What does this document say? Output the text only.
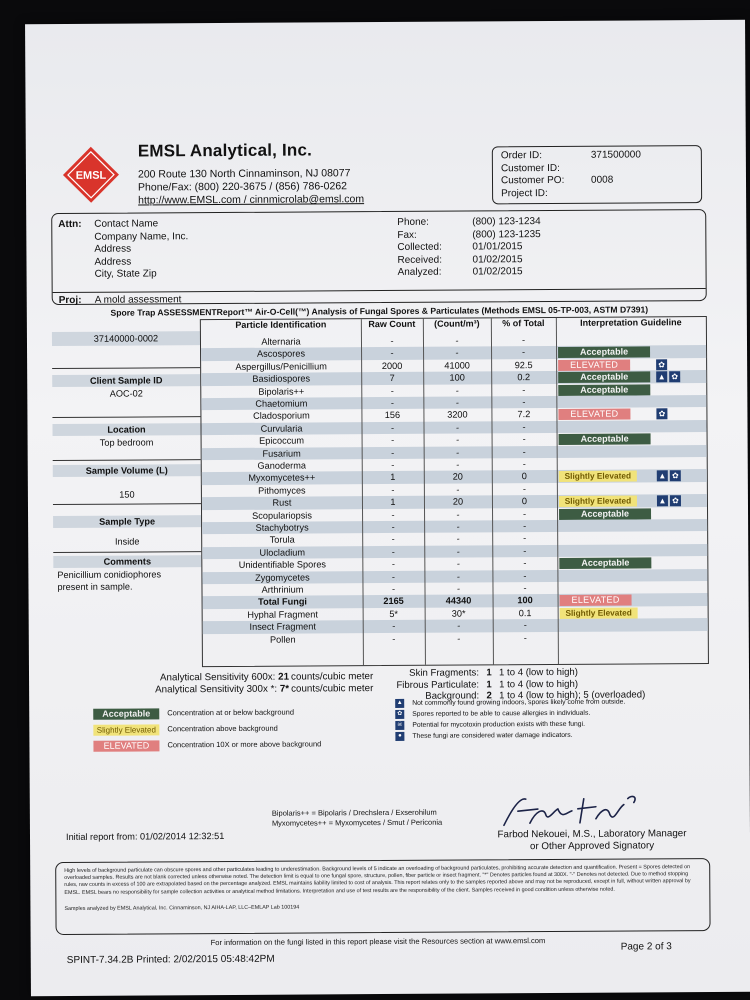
EMSL
EMSL Analytical, Inc.
200 Route 130 North Cinnaminson, NJ 08077
Phone/Fax: (800) 220-3675 / (856) 786-0262
http://www.EMSL.com / cinnmicrolab@emsl.com
Order ID:	371500000
Customer ID:
Customer PO:	0008
Project ID:
Attn: Contact Name
Company Name, Inc.
Address
Address
City, State Zip
Phone:	(800) 123-1234
Fax:	(800) 123-1235
Collected:	01/01/2015
Received:	01/02/2015
Analyzed:	01/02/2015
Proj: A mold assessment
Spore Trap ASSESSMENTReport™ Air-O-Cell(™) Analysis of Fungal Spores & Particulates (Methods EMSL 05-TP-003, ASTM D7391)
37140000-0002
Client Sample ID
AOC-02
Location
Top bedroom
Sample Volume (L)
150
Sample Type
Inside
Comments
Penicillium conidiophores
present in sample.
Particle Identification	Raw Count	(Count/m³)	% of Total	Interpretation Guideline
Alternaria	-	-	-
Ascospores	-	-	-	Acceptable
Aspergillus/Penicillium	2000	41000	92.5	ELEVATED	✿
Basidiospores	7	100	0.2	Acceptable	▲ ✿
Bipolaris++	-	-	-	Acceptable
Chaetomium	-	-	-
Cladosporium	156	3200	7.2	ELEVATED	✿
Curvularia	-	-	-
Epicoccum	-	-	-	Acceptable
Fusarium	-	-	-
Ganoderma	-	-	-
Myxomycetes++	1	20	0	Slightly Elevated	▲ ✿
Pithomyces	-	-	-
Rust	1	20	0	Slightly Elevated	▲ ✿
Scopulariopsis	-	-	-	Acceptable
Stachybotrys	-	-	-
Torula	-	-	-
Ulocladium	-	-	-
Unidentifiable Spores	-	-	-	Acceptable
Zygomycetes	-	-	-
Arthrinium	-	-	-
Total Fungi	2165	44340	100	ELEVATED
Hyphal Fragment	5*	30*	0.1	Slightly Elevated
Insect Fragment	-	-	-
Pollen	-	-	-
Analytical Sensitivity 600x: 21
Analytical Sensitivity 300x *: 7*
counts/cubic meter
counts/cubic meter
Skin Fragments: 1 1 to 4 (low to high)
Fibrous Particulate: 1 1 to 4 (low to high)
Background: 2 1 to 4 (low to high); 5 (overloaded)
Acceptable	Concentration at or below background
Slightly Elevated	Concentration above background
ELEVATED	Concentration 10X or more above background
▲ Not commonly found growing indoors, spores likely come from outside.
✿ Spores reported to be able to cause allergies in individuals.
☠ Potential for mycotoxin production exists with these fungi.
●	These fungi are considered water damage indicators.
Bipolaris++ = Bipolaris / Drechslera / Exserohilum
Myxomycetes++ = Myxomycetes / Smut / Periconia
Initial report from: 01/02/2014 12:32:51	Farbod Nekouei, M.S., Laboratory Manager
or Other Approved Signatory
High levels of background particulate can obscure spores and other particulates leading to underestimation. Background levels of 5 indicate an overloading of background particulates, prohibiting accurate detection and quantification. Present = Spores detected on overloaded samples. Results are not blank corrected unless otherwise noted. The detection limit is equal to one fungal spore, structure, pollen, fiber particle or insect fragment. "*" Denotes particles found at 300X. "-" Denotes not detected. Due to method stopping rules, raw counts in excess of 100 are extrapolated based on the percentage analyzed. EMSL maintains liability limited to cost of analysis. This report relates only to the samples reported above and may not be reproduced, except in full, without written approval by EMSL. EMSL bears no responsibility for sample collection activities or analytical method limitations. Interpretation and use of test results are the responsibility of the client. Samples received in good condition unless otherwise noted.
Samples analyzed by EMSL Analytical, Inc. Cinnaminson, NJ AIHA-LAP, LLC–EMLAP Lab 100194
For information on the fungi listed in this report please visit the Resources section at www.emsl.com	Page 2 of 3
SPINT-7.34.2B Printed: 2/02/2015 05:48:42PM
